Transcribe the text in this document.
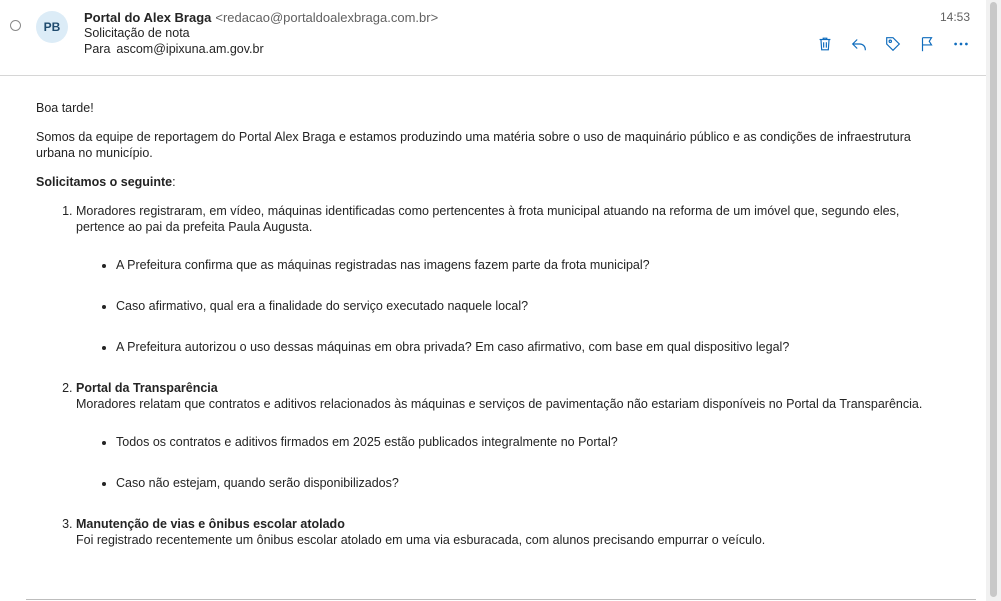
PB
Portal do Alex Braga <redacao@portaldoalexbraga.com.br>
Solicitação de nota
Para ascom@ipixuna.am.gov.br
14:53

Boa tarde!

Somos da equipe de reportagem do Portal Alex Braga e estamos produzindo uma matéria sobre o uso de maquinário público e as condições de infraestrutura urbana no município.

Solicitamos o seguinte:

1. Moradores registraram, em vídeo, máquinas identificadas como pertencentes à frota municipal atuando na reforma de um imóvel que, segundo eles, pertence ao pai da prefeita Paula Augusta.
• A Prefeitura confirma que as máquinas registradas nas imagens fazem parte da frota municipal?
• Caso afirmativo, qual era a finalidade do serviço executado naquele local?
• A Prefeitura autorizou o uso dessas máquinas em obra privada? Em caso afirmativo, com base em qual dispositivo legal?
2. Portal da Transparência
Moradores relatam que contratos e aditivos relacionados às máquinas e serviços de pavimentação não estariam disponíveis no Portal da Transparência.
• Todos os contratos e aditivos firmados em 2025 estão publicados integralmente no Portal?
• Caso não estejam, quando serão disponibilizados?
3. Manutenção de vias e ônibus escolar atolado
Foi registrado recentemente um ônibus escolar atolado em uma via esburacada, com alunos precisando empurrar o veículo.
